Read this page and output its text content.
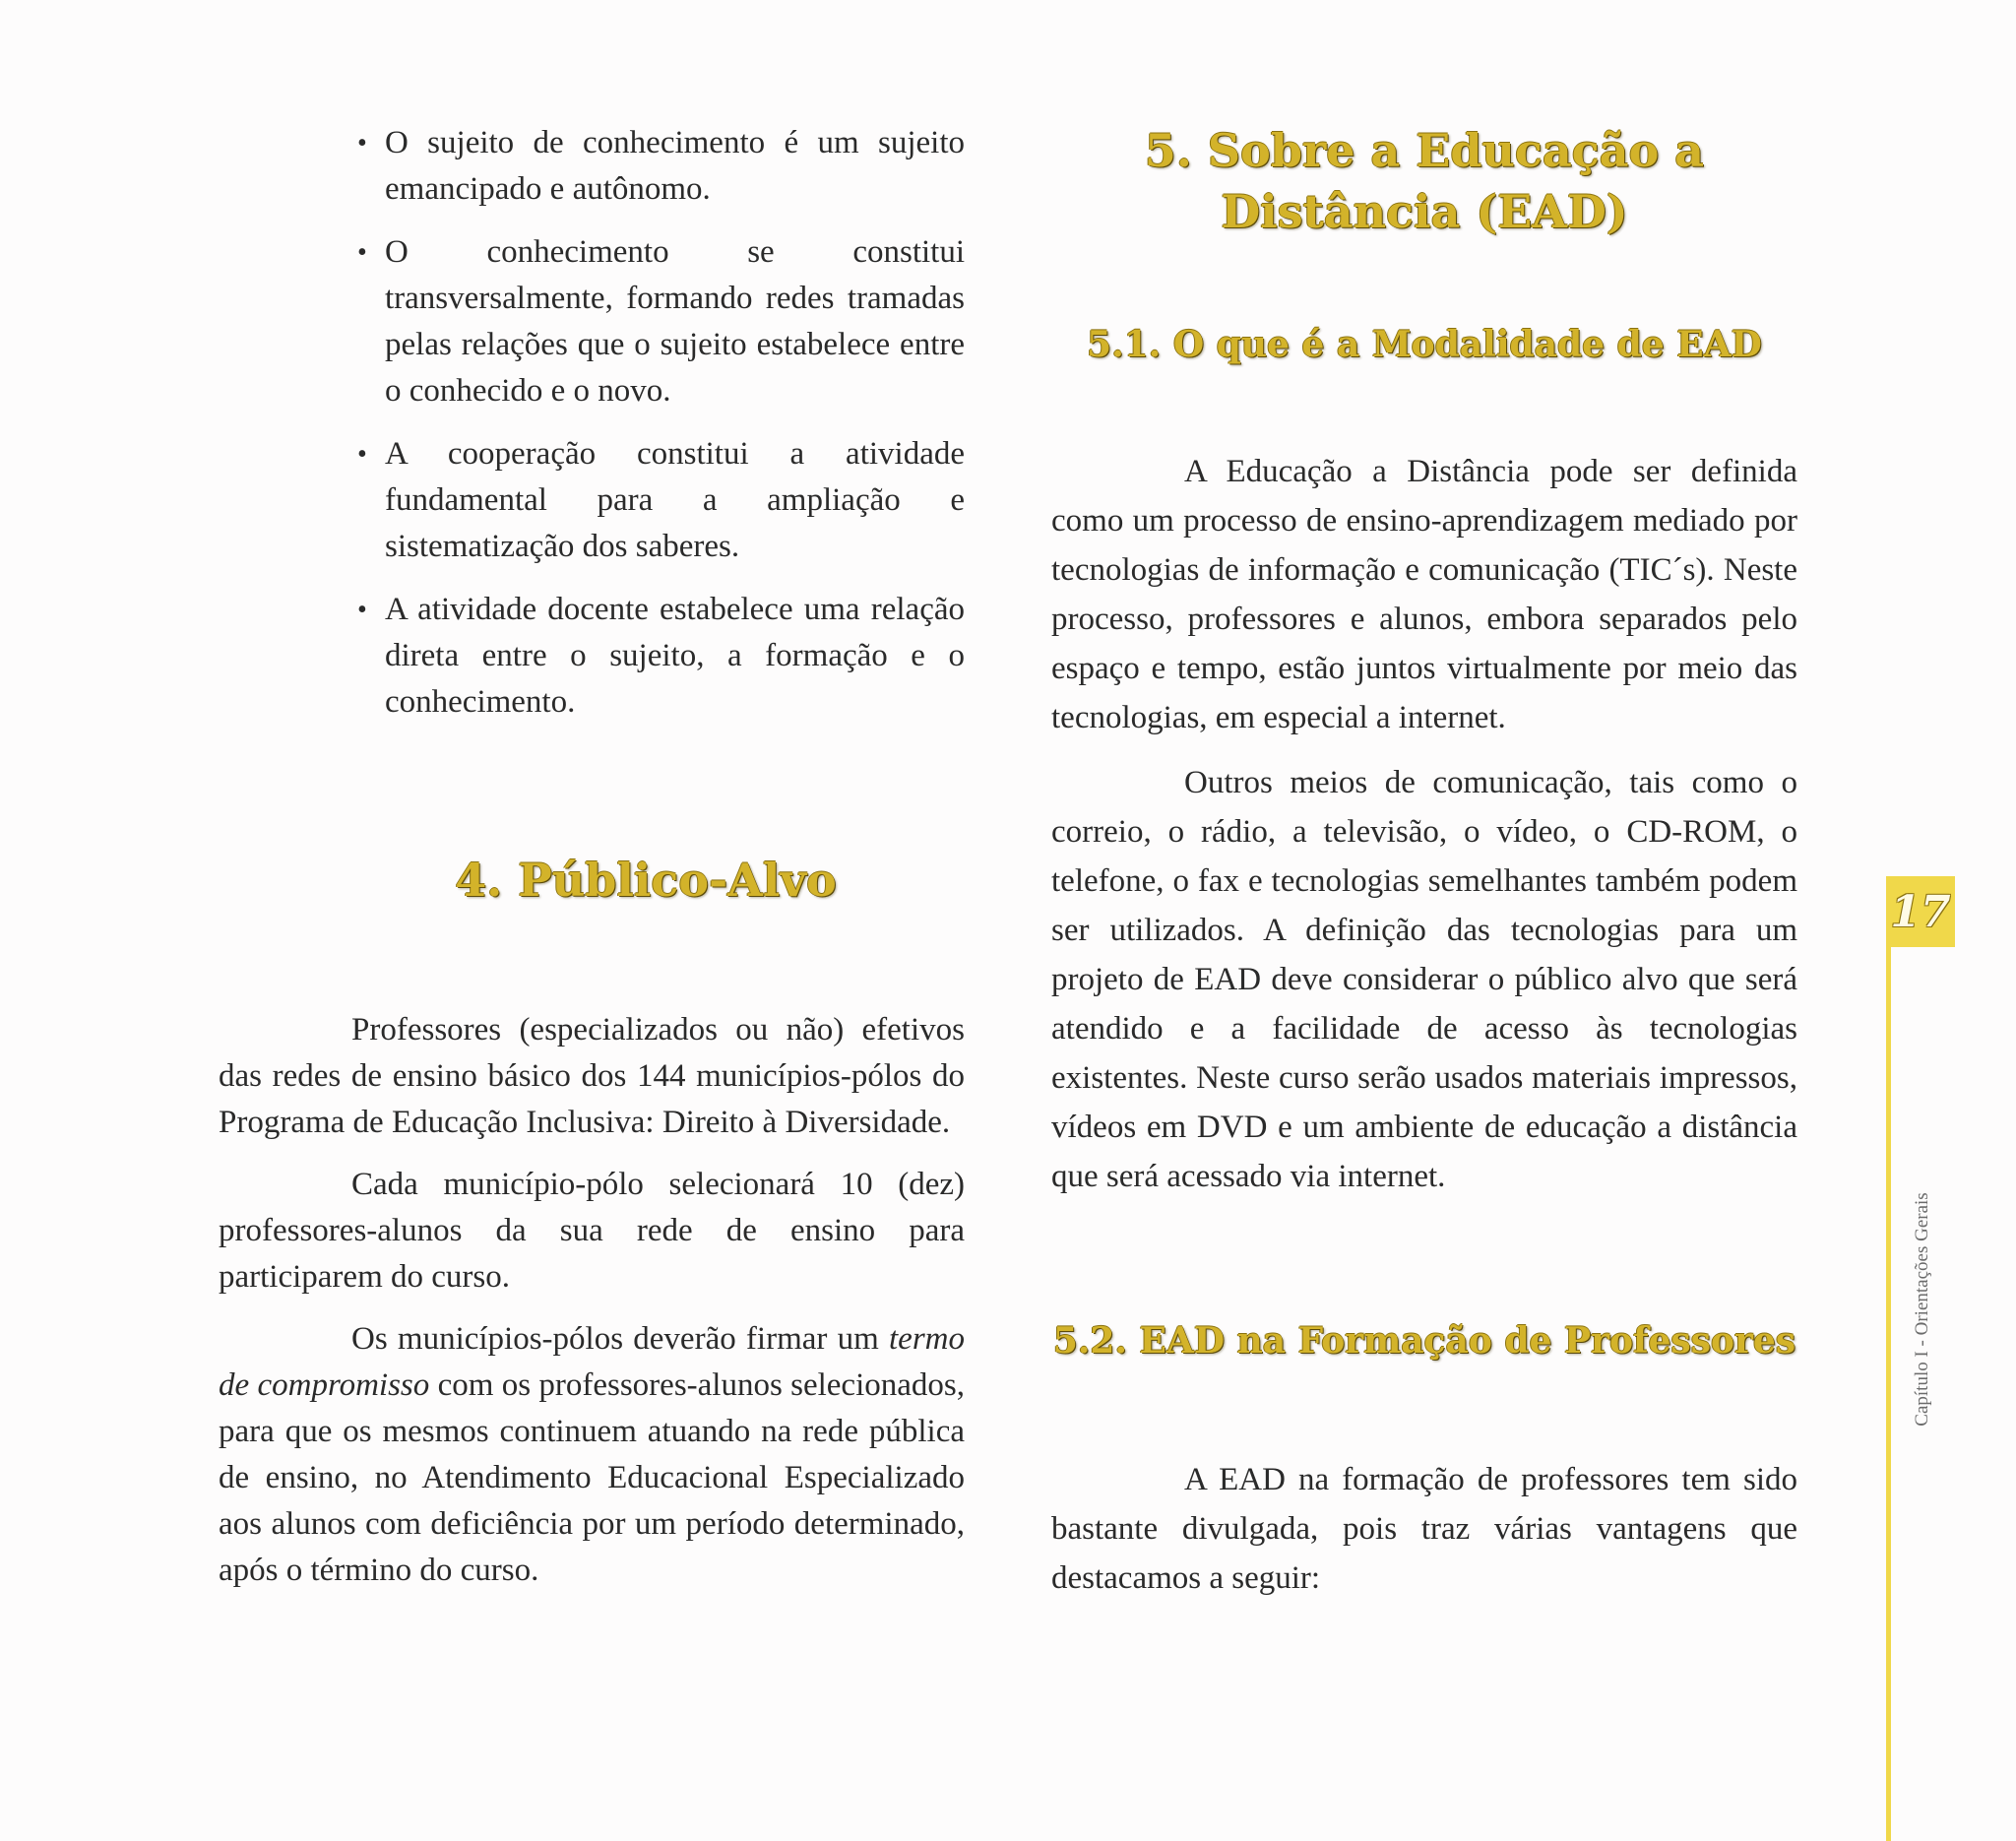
• O sujeito de conhecimento é um sujeito emancipado e autônomo.
• O conhecimento se constitui transversalmente, formando redes tramadas pelas relações que o sujeito estabelece entre o conhecido e o novo.
• A cooperação constitui a atividade fundamental para a ampliação e sistematização dos saberes.
• A atividade docente estabelece uma relação direta entre o sujeito, a formação e o conhecimento.
4. Público-Alvo

Professores (especializados ou não) efetivos das redes de ensino básico dos 144 municípios-pólos do Programa de Educação Inclusiva: Direito à Diversidade.

Cada município-pólo selecionará 10 (dez) professores-alunos da sua rede de ensino para participarem do curso.

Os municípios-pólos deverão firmar um termo de compromisso com os professores-alunos selecionados, para que os mesmos continuem atuando na rede pública de ensino, no Atendimento Educacional Especializado aos alunos com deficiência por um período determinado, após o término do curso.

5. Sobre a Educação a Distância (EAD)
5.1. O que é a Modalidade de EAD

A Educação a Distância pode ser definida como um processo de ensino-aprendizagem mediado por tecnologias de informação e comunicação (TIC´s). Neste processo, professores e alunos, embora separados pelo espaço e tempo, estão juntos virtualmente por meio das tecnologias, em especial a internet.

Outros meios de comunicação, tais como o correio, o rádio, a televisão, o vídeo, o CD-ROM, o telefone, o fax e tecnologias semelhantes também podem ser utilizados. A definição das tecnologias para um projeto de EAD deve considerar o público alvo que será atendido e a facilidade de acesso às tecnologias existentes. Neste curso serão usados materiais impressos, vídeos em DVD e um ambiente de educação a distância que será acessado via internet.

5.2. EAD na Formação de Professores

A EAD na formação de professores tem sido bastante divulgada, pois traz várias vantagens que destacamos a seguir:

17
Capítulo I - Orientações Gerais
